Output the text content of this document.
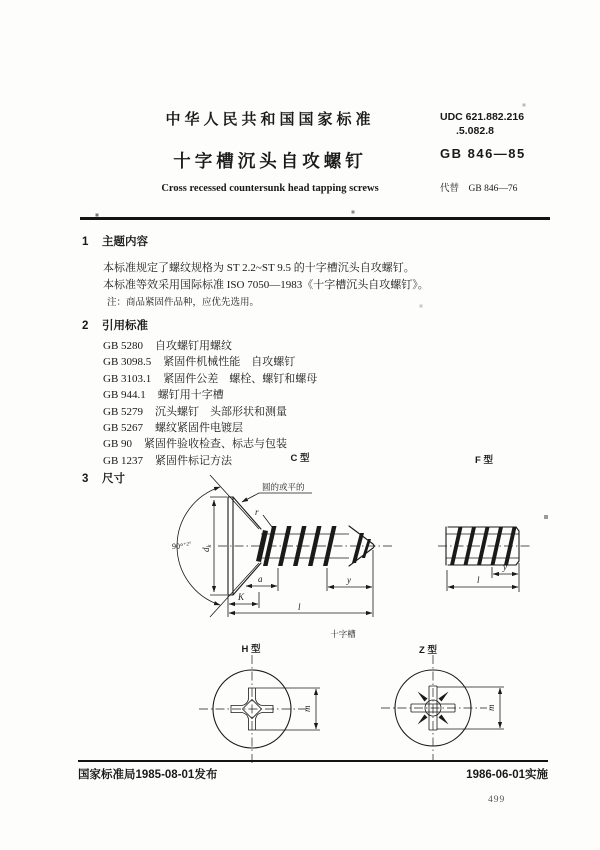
中华人民共和国国家标准
十字槽沉头自攻螺钉
Cross recessed countersunk head tapping screws
UDC 621.882.216
.5.082.8
GB 846—85
代替　GB 846—76
1 主题内容
本标准规定了螺纹规格为 ST 2.2~ST 9.5 的十字槽沉头自攻螺钉。
本标准等效采用国际标准 ISO 7050—1983《十字槽沉头自攻螺钉》。
注：商品紧固件品种，应优先选用。
2 引用标准
GB 5280 自攻螺钉用螺纹
GB 3098.5 紧固件机械性能　自攻螺钉
GB 3103.1 紧固件公差　螺栓、螺钉和螺母
GB 944.1 螺钉用十字槽
GB 5279 沉头螺钉　头部形状和测量
GB 5267 螺纹紧固件电镀层
GB 90 紧固件验收检查、标志与包装
GB 1237 紧固件标记方法
3 尺寸
C 型	F 型
圆的或平的
r
90°$^{+2^\circ}$
$d_k$
a
K
y
l
y
l
十字槽
H 型	Z 型
m	m
国家标准局1985-08-01发布	1986-06-01实施
499
